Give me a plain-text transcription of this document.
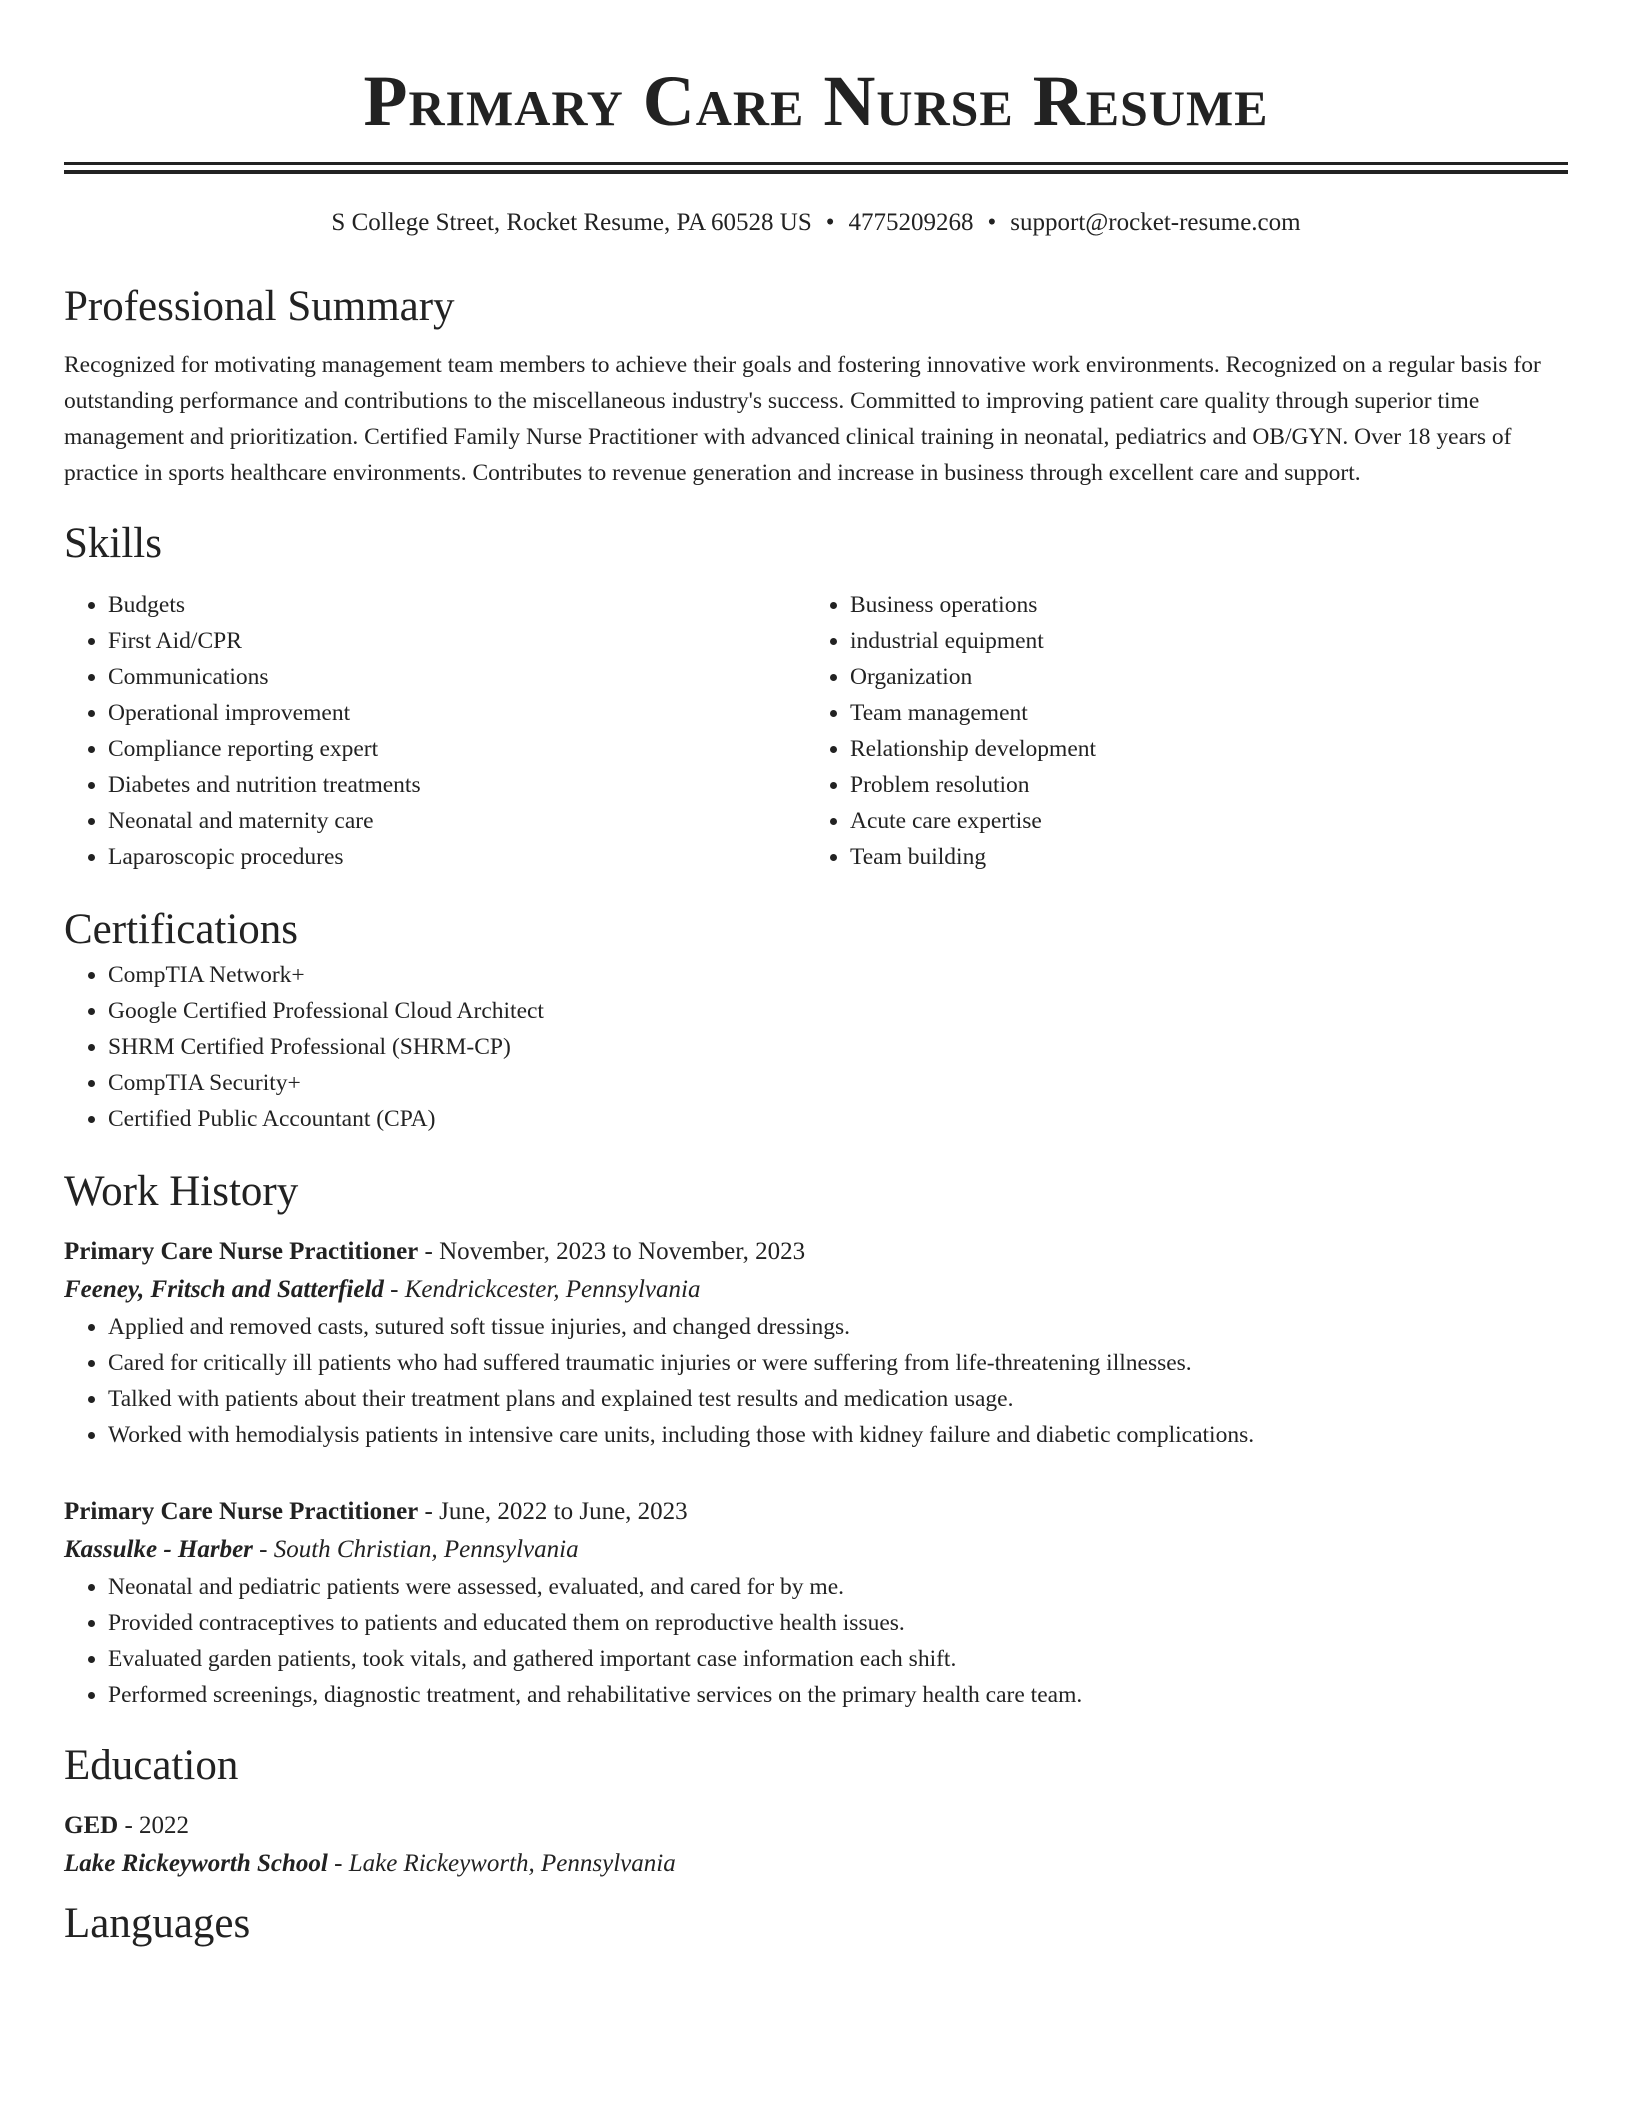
Primary Care Nurse Resume
S College Street, Rocket Resume, PA 60528 US • 4775209268 • support@rocket-resume.com
Professional Summary

Recognized for motivating management team members to achieve their goals and fostering innovative work environments. Recognized on a regular basis for outstanding performance and contributions to the miscellaneous industry's success. Committed to improving patient care quality through superior time management and prioritization. Certified Family Nurse Practitioner with advanced clinical training in neonatal, pediatrics and OB/GYN. Over 18 years of practice in sports healthcare environments. Contributes to revenue generation and increase in business through excellent care and support.

Skills
• Budgets
• First Aid/CPR
• Communications
• Operational improvement
• Compliance reporting expert
• Diabetes and nutrition treatments
• Neonatal and maternity care
• Laparoscopic procedures
• Business operations
• industrial equipment
• Organization
• Team management
• Relationship development
• Problem resolution
• Acute care expertise
• Team building
Certifications
• CompTIA Network+
• Google Certified Professional Cloud Architect
• SHRM Certified Professional (SHRM-CP)
• CompTIA Security+
• Certified Public Accountant (CPA)
Work History
Primary Care Nurse Practitioner - November, 2023 to November, 2023
Feeney, Fritsch and Satterfield - Kendrickcester, Pennsylvania
• Applied and removed casts, sutured soft tissue injuries, and changed dressings.
• Cared for critically ill patients who had suffered traumatic injuries or were suffering from life-threatening illnesses.
• Talked with patients about their treatment plans and explained test results and medication usage.
• Worked with hemodialysis patients in intensive care units, including those with kidney failure and diabetic complications.
Primary Care Nurse Practitioner - June, 2022 to June, 2023
Kassulke - Harber - South Christian, Pennsylvania
• Neonatal and pediatric patients were assessed, evaluated, and cared for by me.
• Provided contraceptives to patients and educated them on reproductive health issues.
• Evaluated garden patients, took vitals, and gathered important case information each shift.
• Performed screenings, diagnostic treatment, and rehabilitative services on the primary health care team.
Education
GED - 2022
Lake Rickeyworth School - Lake Rickeyworth, Pennsylvania
Languages
